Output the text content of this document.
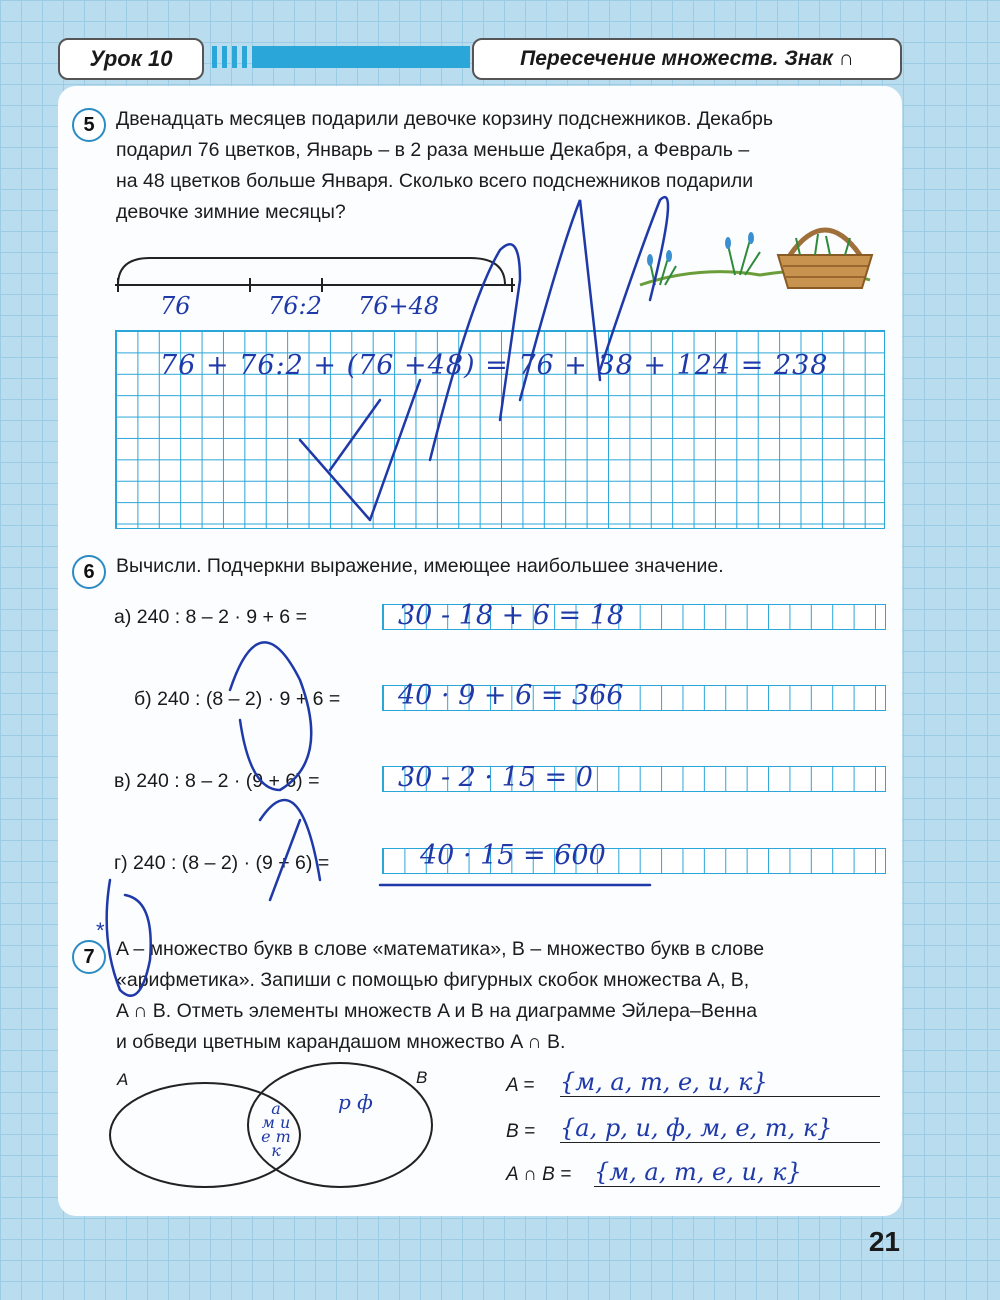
Урок 10	Пересечение множеств. Знак ∩
5	Двенадцать месяцев подарили девочке корзину подснежников. Декабрь
подарил 76 цветков, Январь – в 2 раза меньше Декабря, а Февраль –
на 48 цветков больше Января. Сколько всего подснежников подарили
девочке зимние месяцы?
76	76:2 76+48
76 + 76:2 + (76 +48) = 76 + 38 + 124 = 238
6	Вычисли. Подчеркни выражение, имеющее наибольшее значение.
а) 240 : 8 – 2 · 9 + 6 =	30 - 18 + 6 = 18
б) 240 : (8 – 2) · 9 + 6 = 40 · 9 + 6 = 366
в) 240 : 8 – 2 · (9 + 6) =	30 - 2 · 15 = 0
г) 240 : (8 – 2) · (9 + 6) =	40 · 15 = 600
7
*
A – множество букв в слове «математика», B – множество букв в слове
«арифметика». Запиши с помощью фигурных скобок множества A, B,
A ∩ B. Отметь элементы множеств A и B на диаграмме Эйлера–Венна
и обведи цветным карандашом множество A ∩ B.
A	B
а
м и
е т
к
р ф
A = {м, а, т, е, и, к}
B = {а, р, и, ф, м, е, т, к}
A ∩ B = {м, а, т, е, и, к}
21
